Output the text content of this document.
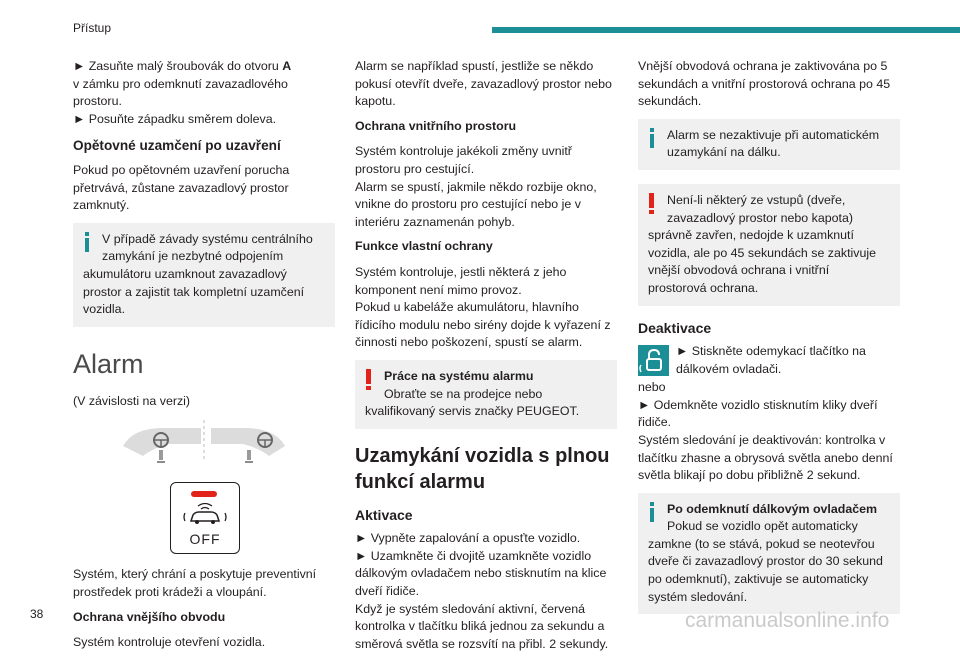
Přístup

► Zasuňte malý šroubovák do otvoru A
v zámku pro odemknutí zavazadlového prostoru.

► Posuňte západku směrem doleva.

Opětovné uzamčení po uzavření

Pokud po opětovném uzavření porucha přetrvává, zůstane zavazadlový prostor zamknutý.

V případě závady systému centrálního zamykání je nezbytné odpojením

akumulátoru uzamknout zavazadlový prostor a zajistit tak kompletní uzamčení vozidla.

Alarm

(V závislosti na verzi)

OFF

Systém, který chrání a poskytuje preventivní prostředek proti krádeži a vloupání.

Ochrana vnějšího obvodu

Systém kontroluje otevření vozidla.

Alarm se například spustí, jestliže se někdo pokusí otevřít dveře, zavazadlový prostor nebo kapotu.

Ochrana vnitřního prostoru

Systém kontroluje jakékoli změny uvnitř prostoru pro cestující.

Alarm se spustí, jakmile někdo rozbije okno, vnikne do prostoru pro cestující nebo je v interiéru zaznamenán pohyb.

Funkce vlastní ochrany

Systém kontroluje, jestli některá z jeho komponent není mimo provoz.

Pokud u kabeláže akumulátoru, hlavního řídicího modulu nebo sirény dojde k vyřazení z činnosti nebo poškození, spustí se alarm.

Práce na systému alarmu

Obraťte se na prodejce nebo

kvalifikovaný servis značky PEUGEOT.

Uzamykání vozidla s plnou funkcí alarmu
Aktivace

► Vypněte zapalování a opusťte vozidlo.

► Uzamkněte či dvojitě uzamkněte vozidlo dálkovým ovladačem nebo stisknutím na klice dveří řidiče.

Když je systém sledování aktivní, červená kontrolka v tlačítku bliká jednou za sekundu a směrová světla se rozsvítí na přibl. 2 sekundy.

Vnější obvodová ochrana je zaktivována po 5 sekundách a vnitřní prostorová ochrana po 45 sekundách.

Alarm se nezaktivuje při automatickém

uzamykání na dálku.

Není-li některý ze vstupů (dveře, zavazadlový prostor nebo kapota)

správně zavřen, nedojde k uzamknutí vozidla, ale po 45 sekundách se zaktivuje vnější obvodová ochrana i vnitřní prostorová ochrana.

Deaktivace

► Stiskněte odemykací tlačítko na dálkovém ovladači.

nebo

► Odemkněte vozidlo stisknutím kliky dveří řidiče.

Systém sledování je deaktivován: kontrolka v tlačítku zhasne a obrysová světla anebo denní světla blikají po dobu přibližně 2 sekund.

Po odemknutí dálkovým ovladačem

Pokud se vozidlo opět automaticky

zamkne (to se stává, pokud se neotevřou dveře či zavazadlový prostor do 30 sekund po odemknutí), zaktivuje se automaticky systém sledování.

38	carmanualsonline.info
